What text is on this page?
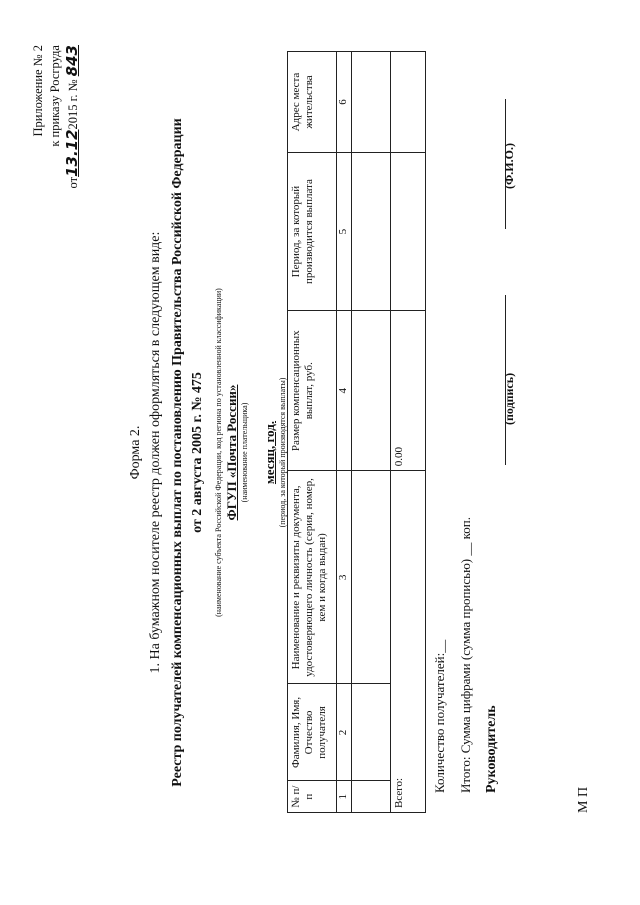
Приложение № 2 к приказу Росгруда
от13.122015 г. № 843
Форма 2. 1. На бумажном носителе реестр должен оформляться в следующем виде: Реестр получателей компенсационных выплат по постановлению Правительства Российской Федерации от 2 августа 2005 г. № 475 (наименование субъекта Российской Федерации, код региона по установленной классификации) ФГУП «Почта России» (наименование плательщика) месяц, год. (период, за который производятся выплаты)
№ п/п	Фамилия, Имя, Отчество получателя	Наименование и реквизиты документа, удостоверяющего личность (серия, номер, кем и когда выдан)	Размер компенсационных выплат, руб.	Период, за который производится выплата	Адрес места жительства
1	2	3	4	5	6

Всего:			0.00		
Количество получателей:__ Итого: Сумма цифрами (сумма прописью) __ коп. Руководитель
М П
(подпись)
(Ф.И.О.)
